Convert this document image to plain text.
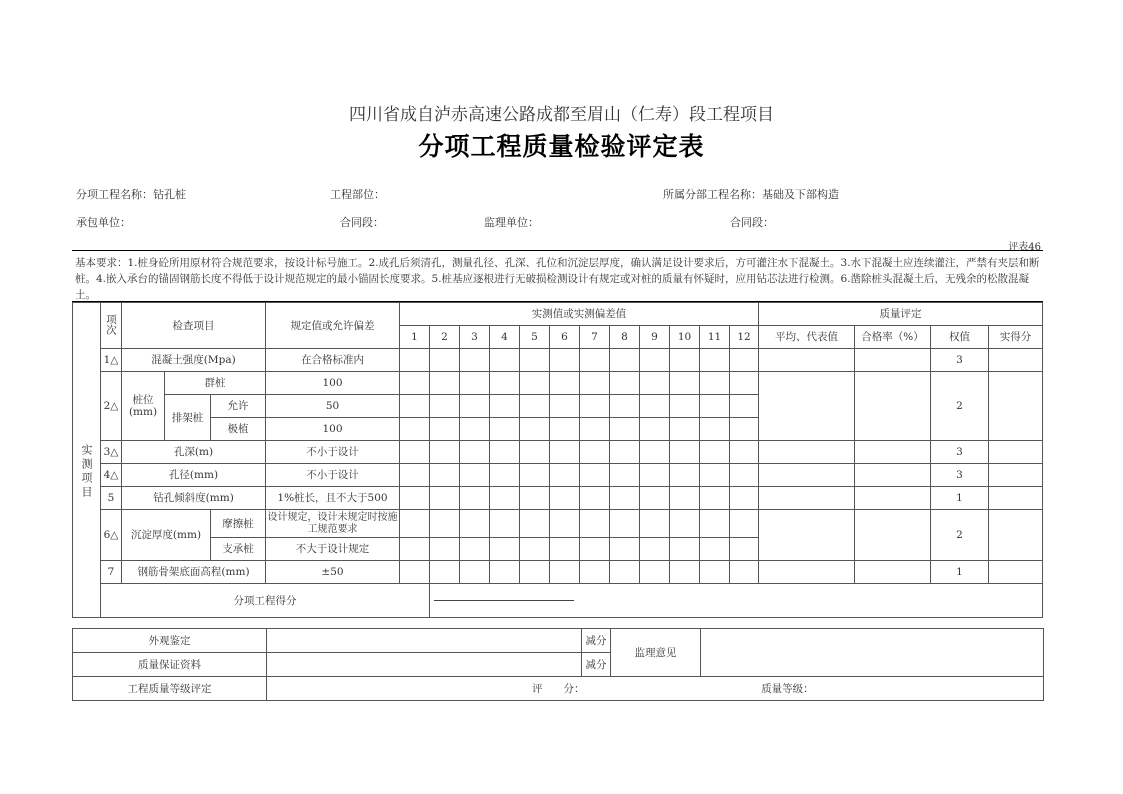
四川省成自泸赤高速公路成都至眉山（仁寿）段工程项目
分项工程质量检验评定表
分项工程名称：钻孔桩	工程部位：	所属分部工程名称：基础及下部构造
承包单位：	合同段：	监理单位：	合同段：
评表46
基本要求：1.桩身砼所用原材符合规范要求，按设计标号施工。2.成孔后须清孔，测量孔径、孔深、孔位和沉淀层厚度，确认满足设计要求后，方可灌注水下混凝土。3.水下混凝土应连续灌注，严禁有夹层和断桩。4.嵌入承台的锚固钢筋长度不得低于设计规范规定的最小锚固长度要求。5.桩基应逐根进行无破损检测设计有规定或对桩的质量有怀疑时，应用钻芯法进行检测。6.凿除桩头混凝土后，无残余的松散混凝土。
	项次	检查项目			规定值或允许偏差	实测值或实测偏差值												质量评定				
						1	2	3	4	5	6	7	8	9	10	11	12	平均、代表值	合格率（%）	权值	实得分	
	1△	混凝土强度(Mpa)			在合格标准内															3		
	2△	桩位(mm)	群桩		100															2		
			排架桩	允许	50																	
				极植	100																	
	3△	孔深(m)			不小于设计															3		
	4△	孔径(mm)			不小于设计															3		
	5	钻孔倾斜度(mm)			1%桩长，且不大于500															1		
	6△	沉淀厚度(mm)		摩擦桩	设计规定，设计未规定时按施工规范要求															2		
				支承桩	不大于设计规定																	
	7	钢筋骨架底面高程(mm)			±50															1		
	分项工程得分																					
实测项目
外观鉴定		减分	监理意见	
质量保证资料		减分		
工程质量等级评定	评　　分： 质量等级：			
